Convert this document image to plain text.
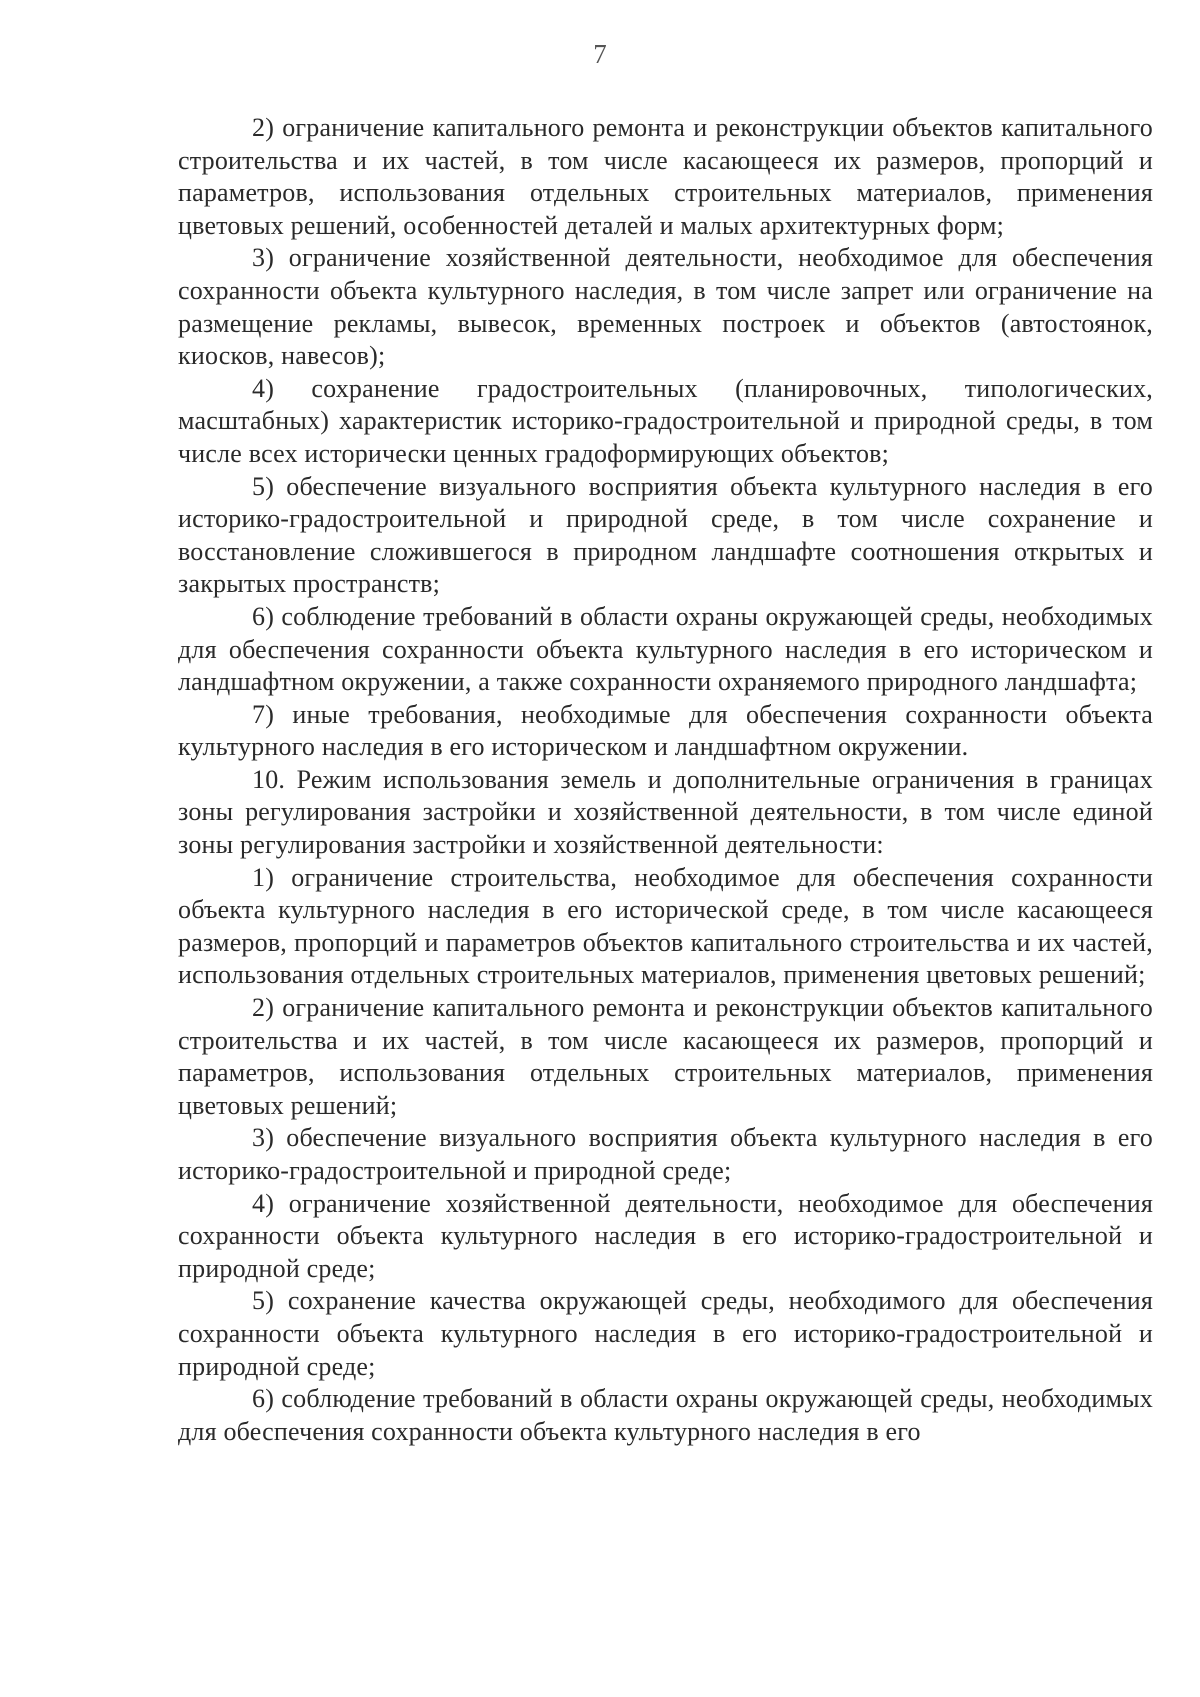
7

2) ограничение капитального ремонта и реконструкции объектов капитального строительства и их частей, в том числе касающееся их размеров, пропорций и параметров, использования отдельных строительных материалов, применения цветовых решений, особенностей деталей и малых архитектурных форм;

3) ограничение хозяйственной деятельности, необходимое для обеспечения сохранности объекта культурного наследия, в том числе запрет или ограничение на размещение рекламы, вывесок, временных построек и объектов (автостоянок, киосков, навесов);

4) сохранение градостроительных (планировочных, типологических, масштабных) характеристик историко-градостроительной и природной среды, в том числе всех исторически ценных градоформирующих объектов;

5) обеспечение визуального восприятия объекта культурного наследия в его историко-градостроительной и природной среде, в том числе сохранение и восстановление сложившегося в природном ландшафте соотношения открытых и закрытых пространств;

6) соблюдение требований в области охраны окружающей среды, необходимых для обеспечения сохранности объекта культурного наследия в его историческом и ландшафтном окружении, а также сохранности охраняемого природного ландшафта;

7) иные требования, необходимые для обеспечения сохранности объекта культурного наследия в его историческом и ландшафтном окружении.

10. Режим использования земель и дополнительные ограничения в границах зоны регулирования застройки и хозяйственной деятельности, в том числе единой зоны регулирования застройки и хозяйственной деятельности:

1) ограничение строительства, необходимое для обеспечения сохранности объекта культурного наследия в его исторической среде, в том числе касающееся размеров, пропорций и параметров объектов капитального строительства и их частей, использования отдельных строительных материалов, применения цветовых решений;

2) ограничение капитального ремонта и реконструкции объектов капитального строительства и их частей, в том числе касающееся их размеров, пропорций и параметров, использования отдельных строительных материалов, применения цветовых решений;

3) обеспечение визуального восприятия объекта культурного наследия в его историко-градостроительной и природной среде;

4) ограничение хозяйственной деятельности, необходимое для обеспечения сохранности объекта культурного наследия в его историко-градостроительной и природной среде;

5) сохранение качества окружающей среды, необходимого для обеспечения сохранности объекта культурного наследия в его историко-градостроительной и природной среде;

6) соблюдение требований в области охраны окружающей среды, необходимых для обеспечения сохранности объекта культурного наследия в его
